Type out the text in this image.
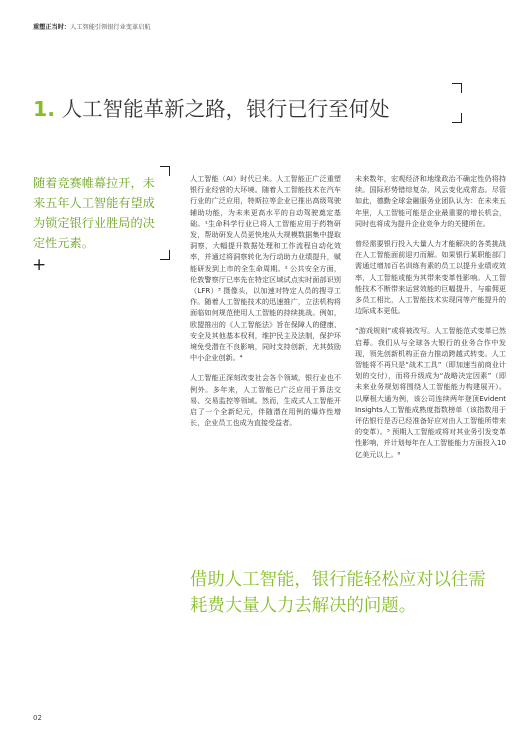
重塑正当时：人工智能引领银行业变革启航
1. 人工智能革新之路，银行已行至何处
随着竞赛帷幕拉开，未来五年人工智能有望成为锁定银行业胜局的决定性元素。
+

人工智能（AI）时代已来。人工智能正广泛重塑银行业经营的大环境。随着人工智能技术在汽车行业的广泛应用，特斯拉等企业已推出高级驾驶辅助功能，为未来更高水平的自动驾驶奠定基础。¹生命科学行业已将人工智能应用于药物研发，帮助研发人员更快地从大规模数据集中提取洞察，大幅提升数据处理和工作流程自动化效率，并通过将洞察转化为行动助力业绩提升，赋能研发到上市的全生命周期。² 公共安全方面，伦敦警察厅已率先在特定区域试点实时面部识别（LFR）³ 摄像头，以加速对特定人员的搜寻工作。随着人工智能技术的迅速推广，立法机构将面临如何规范使用人工智能的持续挑战。例如，欧盟推出的《人工智能法》旨在保障人的健康、安全及其他基本权利，维护民主及法制，保护环境免受潜在不良影响，同时支持创新，尤其鼓励中小企业创新。⁴

人工智能正深刻改变社会各个领域，银行业也不例外。多年来，人工智能已广泛应用于算法交易、交易监控等领域。然而，生成式人工智能开启了一个全新纪元，伴随潜在用例的爆炸性增长，企业员工也成为直接受益者。

未来数年，宏观经济和地缘政治不确定性仍将持续。国际形势错综复杂，风云变化成常态。尽管如此，德勤全球金融服务业团队认为：在未来五年里，人工智能可能是企业最重要的增长机会，同时也将成为提升企业竞争力的关键所在。

曾经需要银行投入大量人力才能解决的各类挑战在人工智能面前迎刃而解。如果银行某职能部门需通过增加百名训练有素的员工以提升业绩或效率，人工智能或能为其带来变革性影响。人工智能技术不断带来运营效能的巨幅提升，与雇佣更多员工相比，人工智能技术实现同等产能提升的边际成本更低。

“游戏规则”或将被改写。人工智能范式变革已然启幕。我们从与全球各大银行的业务合作中发现，领先创新机构正奋力推动跨越式转变。人工智能将不再只是“战术工具”（即加速当前商业计划的交付），而将升级成为“战略决定因素”（即未来业务规划将围绕人工智能能力构建展开）。以摩根大通为例，该公司连续两年登顶Evident Insights人工智能成熟度指数榜单（该指数用于评估银行是否已经准备好应对由人工智能所带来的变革）。⁵ 预期人工智能或将对其业务引发变革性影响，并计划每年在人工智能能力方面投入10亿美元以上。⁶

借助人工智能，银行能轻松应对以往需耗费大量人力去解决的问题。
02
